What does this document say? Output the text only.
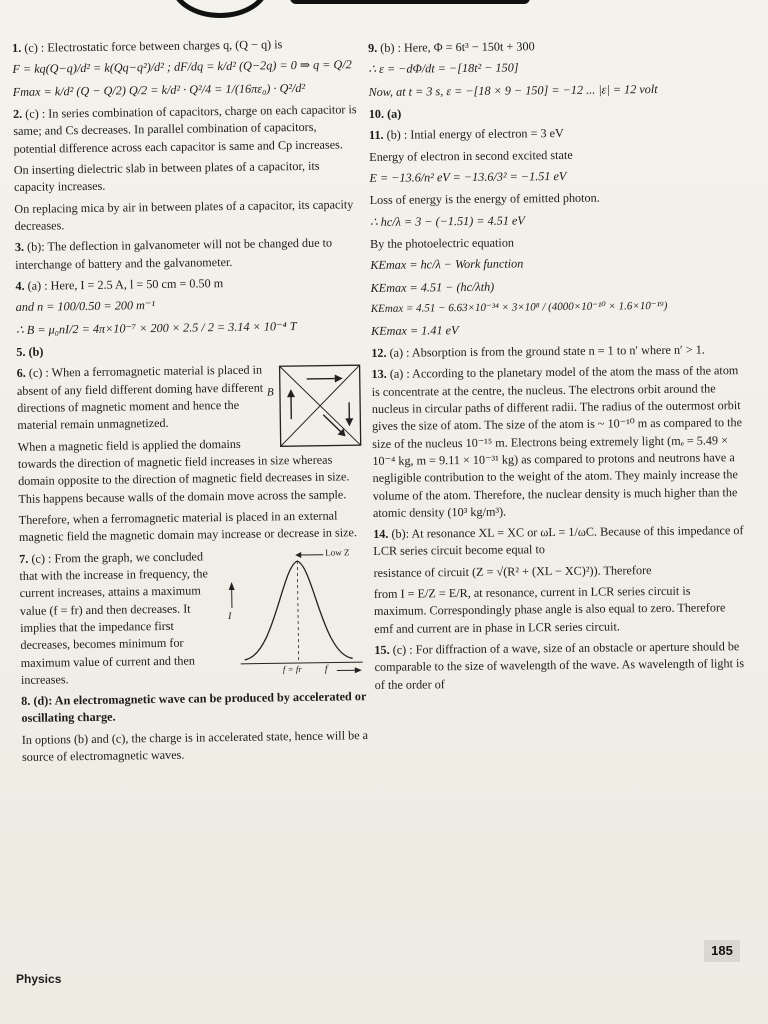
1. (c) : Electrostatic force between charges q, (Q − q) is
F = kq(Q−q)/d² = k(Qq−q²)/d² ; dF/dq = k/d² (Q−2q) = 0 ⇒ q = Q/2
Fmax = k/d² (Q − Q/2) Q/2 = k/d² · Q²/4 = 1/(16πε₀) · Q²/d²
2. (c) : In series combination of capacitors, charge on each capacitor is same; and Cs decreases. In parallel combination of capacitors, potential difference across each capacitor is same and Cp increases.
On inserting dielectric slab in between plates of a capacitor, its capacity increases.
On replacing mica by air in between plates of a capacitor, its capacity decreases.
3. (b): The deflection in galvanometer will not be changed due to interchange of battery and the galvanometer.
4. (a) : Here, I = 2.5 A, l = 50 cm = 0.50 m
and n = 100/0.50 = 200 m⁻¹
∴ B = μ₀nI/2 = 4π×10⁻⁷ × 200 × 2.5 / 2 = 3.14 × 10⁻⁴ T
5. (b)
B
6. (c) : When a ferromagnetic material is placed in absent of any field different doming have different directions of magnetic moment and hence the material remain unmagnetized.
When a magnetic field is applied the domains towards the direction of magnetic field increases in size whereas domain opposite to the direction of magnetic field decreases in size. This happens because walls of the domain move across the sample.
Therefore, when a ferromagnetic material is placed in an external magnetic field the magnetic domain may increase or decrease in size.
Low Z
I
f = fr f
7. (c) : From the graph, we concluded that with the increase in frequency, the current increases, attains a maximum value (f = fr) and then decreases. It implies that the impedance first decreases, becomes minimum for maximum value of current and then increases.
8. (d): An electromagnetic wave can be produced by accelerated or oscillating charge.
In options (b) and (c), the charge is in accelerated state, hence will be a source of electromagnetic waves.
9. (b) : Here, Φ = 6t³ − 150t + 300
∴ ε = −dΦ/dt = −[18t² − 150]
Now, at t = 3 s, ε = −[18 × 9 − 150] = −12 ... |ε| = 12 volt
10. (a)
11. (b) : Intial energy of electron = 3 eV
Energy of electron in second excited state
E = −13.6/n² eV = −13.6/3² = −1.51 eV
Loss of energy is the energy of emitted photon.
∴ hc/λ = 3 − (−1.51) = 4.51 eV
By the photoelectric equation
KEmax = hc/λ − Work function
KEmax = 4.51 − (hc/λth)
KEmax = 4.51 − 6.63×10⁻³⁴ × 3×10⁸ / (4000×10⁻¹⁰ × 1.6×10⁻¹⁹)
KEmax = 1.41 eV
12. (a) : Absorption is from the ground state n = 1 to n′ where n′ > 1.
13. (a) : According to the planetary model of the atom the mass of the atom is concentrate at the centre, the nucleus. The electrons orbit around the nucleus in circular paths of different radii. The radius of the outermost orbit gives the size of atom. The size of the atom is ~ 10⁻¹⁰ m as compared to the size of the nucleus 10⁻¹⁵ m. Electrons being extremely light (mₑ = 5.49 × 10⁻⁴ kg, m = 9.11 × 10⁻³¹ kg) as compared to protons and neutrons have a negligible contribution to the weight of the atom. They mainly increase the volume of the atom. Therefore, the nuclear density is much higher than the atomic density (10³ kg/m³).
14. (b): At resonance XL = XC or ωL = 1/ωC. Because of this impedance of LCR series circuit become equal to
resistance of circuit (Z = √(R² + (XL − XC)²)). Therefore
from I = E/Z = E/R, at resonance, current in LCR series circuit is maximum. Correspondingly phase angle is also equal to zero. Therefore emf and current are in phase in LCR series circuit.
15. (c) : For diffraction of a wave, size of an obstacle or aperture should be comparable to the size of wavelength of the wave. As wavelength of light is of the order of
185
Physics
